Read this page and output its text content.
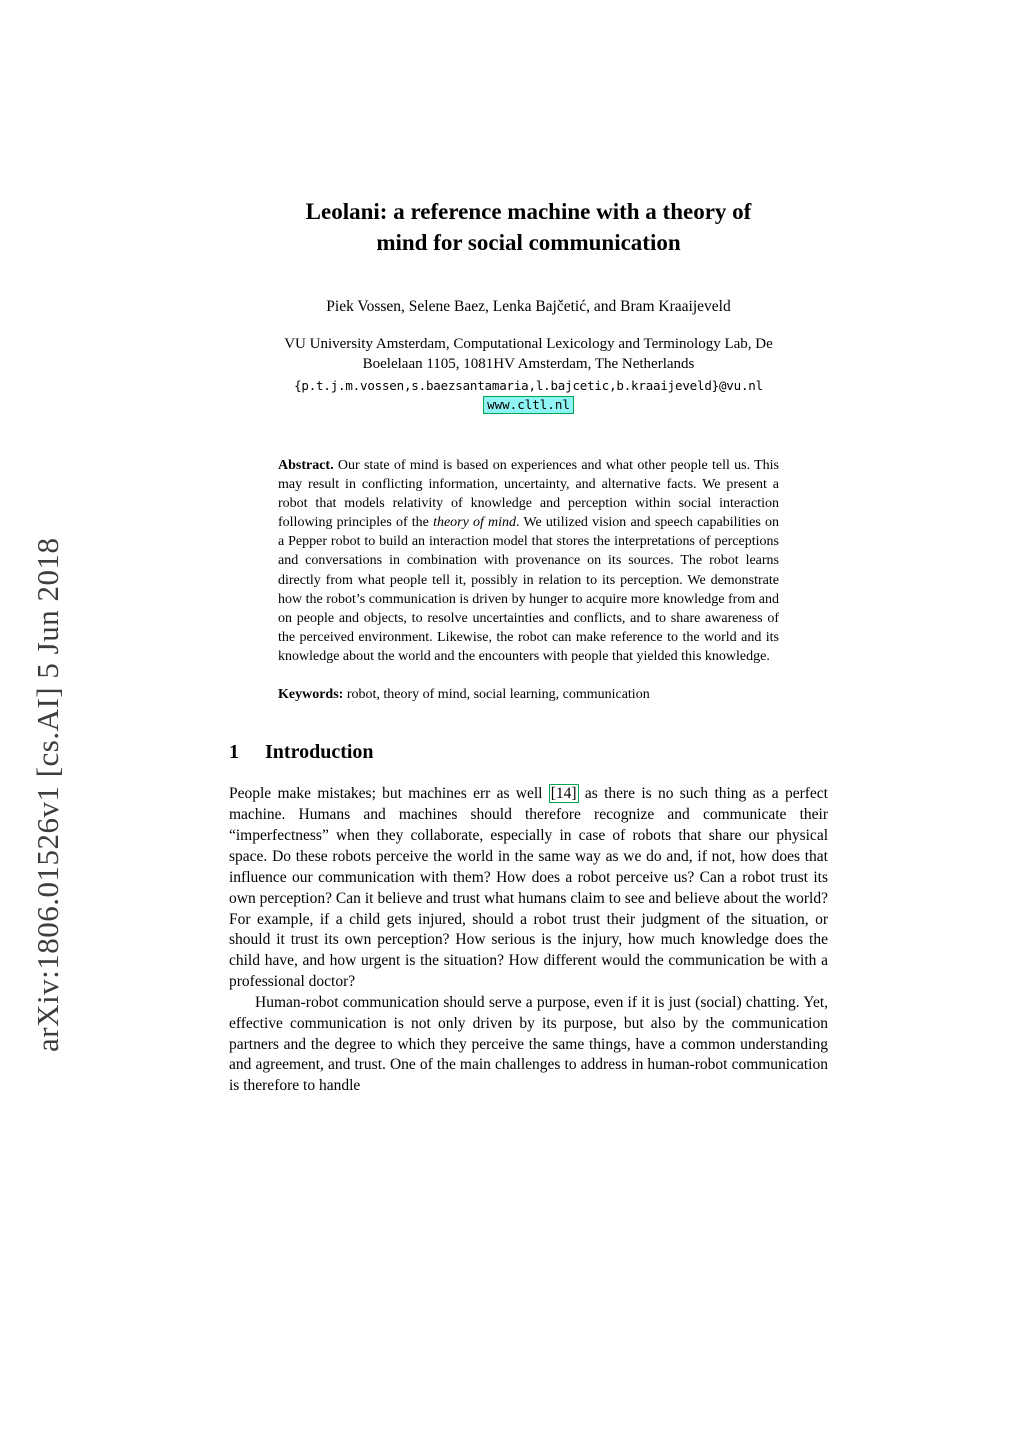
arXiv:1806.01526v1 [cs.AI] 5 Jun 2018
Leolani: a reference machine with a theory of
mind for social communication
Piek Vossen, Selene Baez, Lenka Bajčetić, and Bram Kraaijeveld
VU University Amsterdam, Computational Lexicology and Terminology Lab, De
Boelelaan 1105, 1081HV Amsterdam, The Netherlands
{p.t.j.m.vossen,s.baezsantamaria,l.bajcetic,b.kraaijeveld}@vu.nl
www.cltl.nl

Abstract. Our state of mind is based on experiences and what other people tell us. This may result in conflicting information, uncertainty, and alternative facts. We present a robot that models relativity of knowledge and perception within social interaction following principles of the theory of mind. We utilized vision and speech capabilities on a Pepper robot to build an interaction model that stores the interpretations of perceptions and conversations in combination with provenance on its sources. The robot learns directly from what people tell it, possibly in relation to its perception. We demonstrate how the robot’s communication is driven by hunger to acquire more knowledge from and on people and objects, to resolve uncertainties and conflicts, and to share awareness of the perceived environment. Likewise, the robot can make reference to the world and its knowledge about the world and the encounters with people that yielded this knowledge.

Keywords: robot, theory of mind, social learning, communication

1 Introduction

People make mistakes; but machines err as well [14] as there is no such thing as a perfect machine. Humans and machines should therefore recognize and communicate their “imperfectness” when they collaborate, especially in case of robots that share our physical space. Do these robots perceive the world in the same way as we do and, if not, how does that influence our communication with them? How does a robot perceive us? Can a robot trust its own perception? Can it believe and trust what humans claim to see and believe about the world? For example, if a child gets injured, should a robot trust their judgment of the situation, or should it trust its own perception? How serious is the injury, how much knowledge does the child have, and how urgent is the situation? How different would the communication be with a professional doctor?

Human-robot communication should serve a purpose, even if it is just (social) chatting. Yet, effective communication is not only driven by its purpose, but also by the communication partners and the degree to which they perceive the same things, have a common understanding and agreement, and trust. One of the main challenges to address in human-robot communication is therefore to handle
